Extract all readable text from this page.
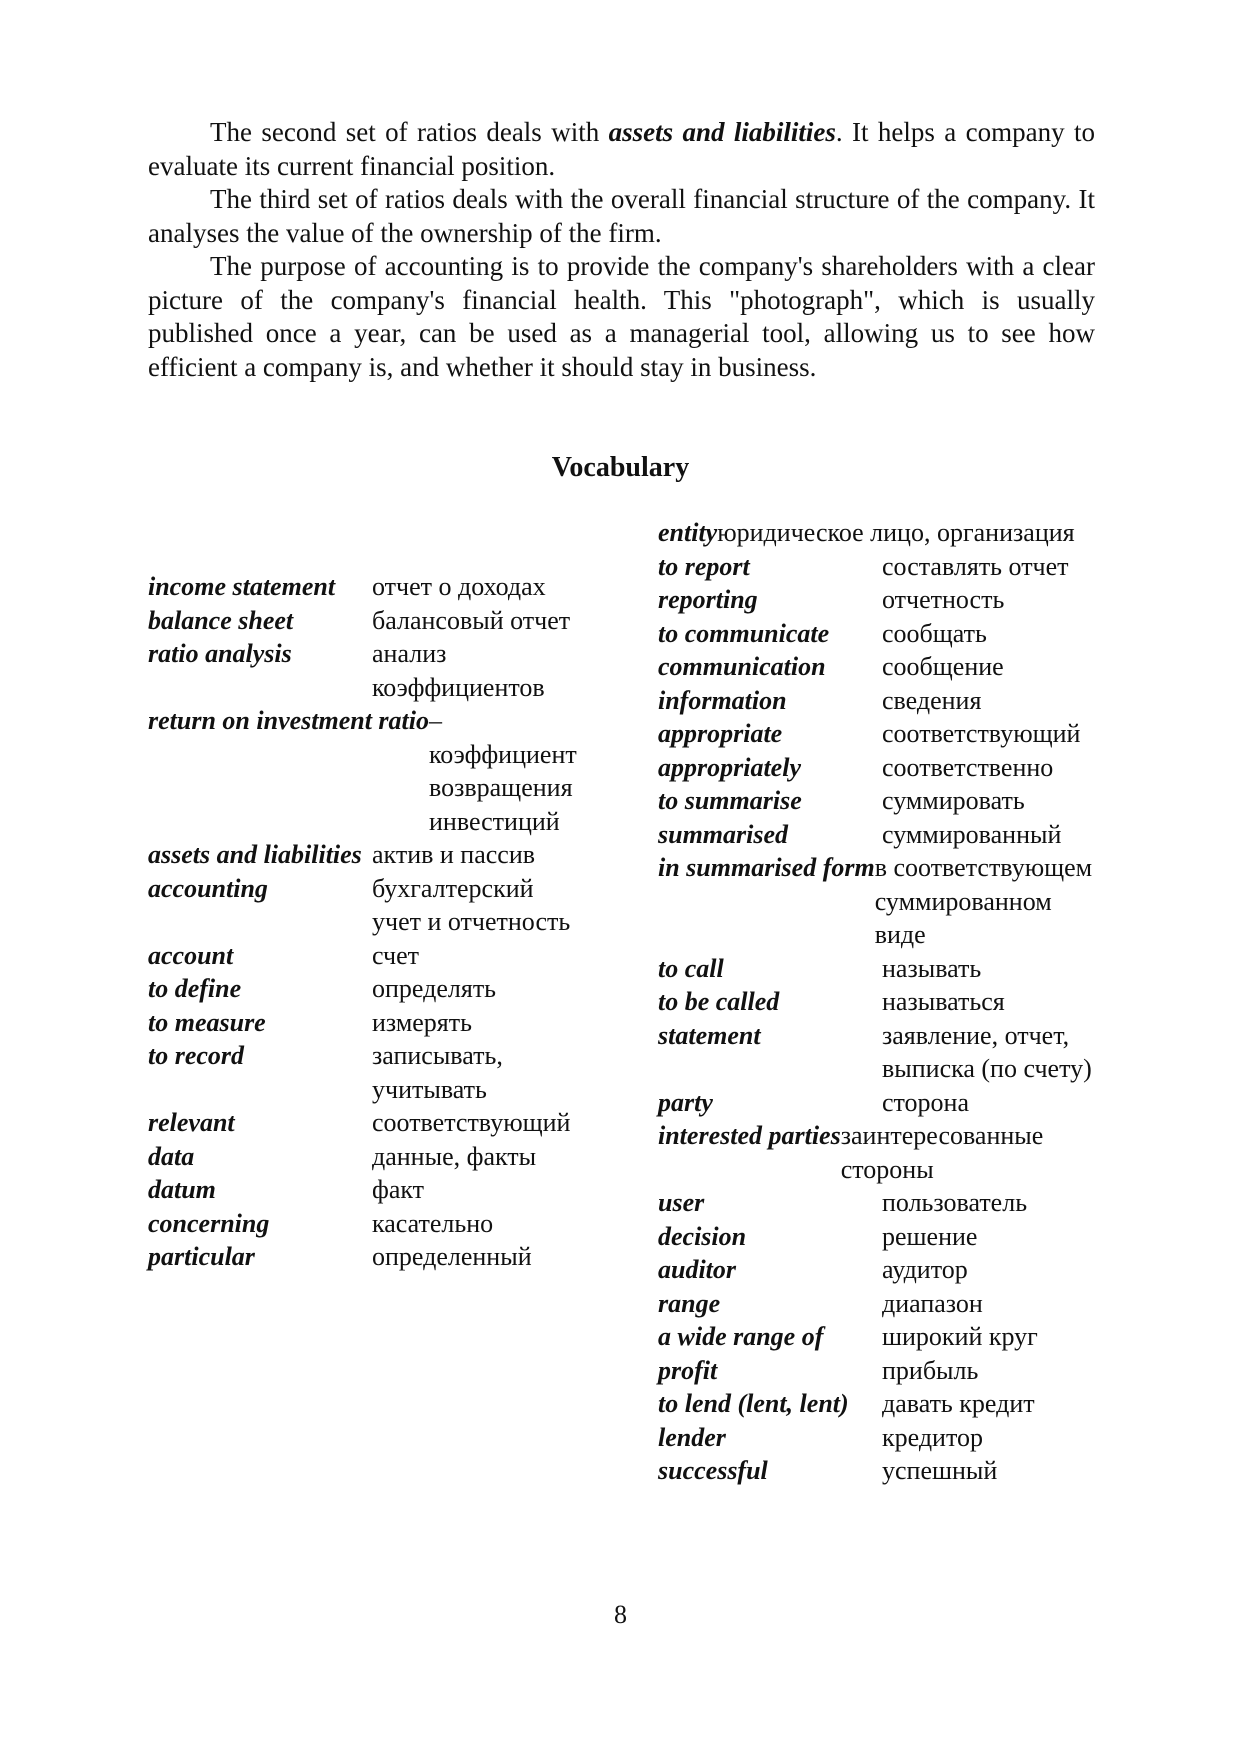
The second set of ratios deals with assets and liabilities. It helps a company to evaluate its current financial position.

The third set of ratios deals with the overall financial structure of the company. It analyses the value of the ownership of the firm.

The purpose of accounting is to provide the company's shareholders with a clear picture of the company's financial health. This "photograph", which is usually published once a year, can be used as a managerial tool, allowing us to see how efficient a company is, and whether it should stay in business.

Vocabulary
income statement	отчет о доходах
balance sheet	балансовый отчет
ratio analysis	анализ коэффициентов
return on investment ratio – коэффициент возвращения инвестиций
assets and liabilities актив и пассив
accounting	бухгалтерский учет и отчетность
account	счет
to define	определять
to measure	измерять
to record	записывать, учитывать
relevant	соответствующий
data	данные, факты
datum	факт
concerning	касательно
particular	определенный
entity юридическое лицо, организация
to report	составлять отчет
reporting	отчетность
to communicate	сообщать
communication	сообщение
information	сведения
appropriate	соответствующий
appropriately	соответственно
to summarise	суммировать
summarised	суммированный
in summarised form в соответствующем суммированном виде
to call	называть
to be called	называться
statement	заявление, отчет, выписка (по счету)
party	сторона
interested parties заинтересованные стороны
user	пользователь
decision	решение
auditor	аудитор
range	диапазон
a wide range of	широкий круг
profit	прибыль
to lend (lent, lent)	давать кредит
lender	кредитор
successful	успешный
8
